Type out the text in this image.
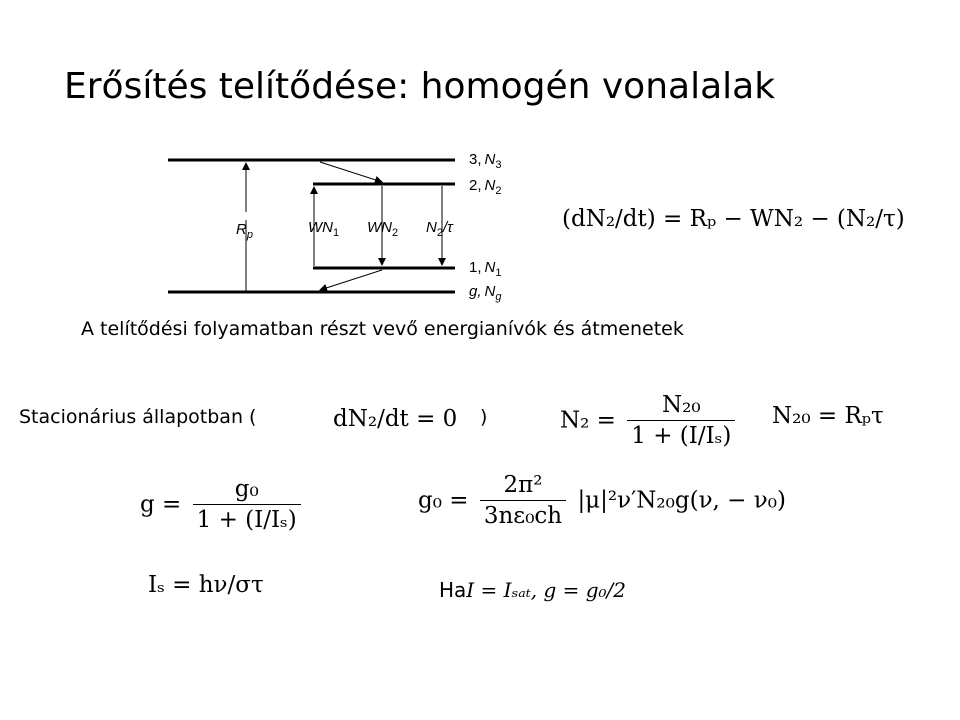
Erősítés telítődése: homogén vonalalak
$R_p$	$WN_1$ $WN_2$ $N_2/\tau$
3, $N_3$
2, $N_2$
1, $N_1$
g, $N_g$
(dN₂/dt) = Rₚ − WN₂ − (N₂/τ)
A telítődési folyamatban részt vevő energianívók és átmenetek
Stacionárius állapotban (	dN₂/dt = 0 )	$N_2 = \frac{\text{N₂₀}}{\text{1 + (I/Iₛ)}} N_{20} = R_p\tau$
$g = \frac{\text{g₀}}{\text{1 + (I/Iₛ)}}$	$g_0 = \frac{\text{2π²}}{\text{3nε₀ch}} |\mu|^2\nu'N_{20}g(\nu$, − ν₀)
Iₛ = hν/στ	HaI = Iₛₐₜ, g = g₀/2
